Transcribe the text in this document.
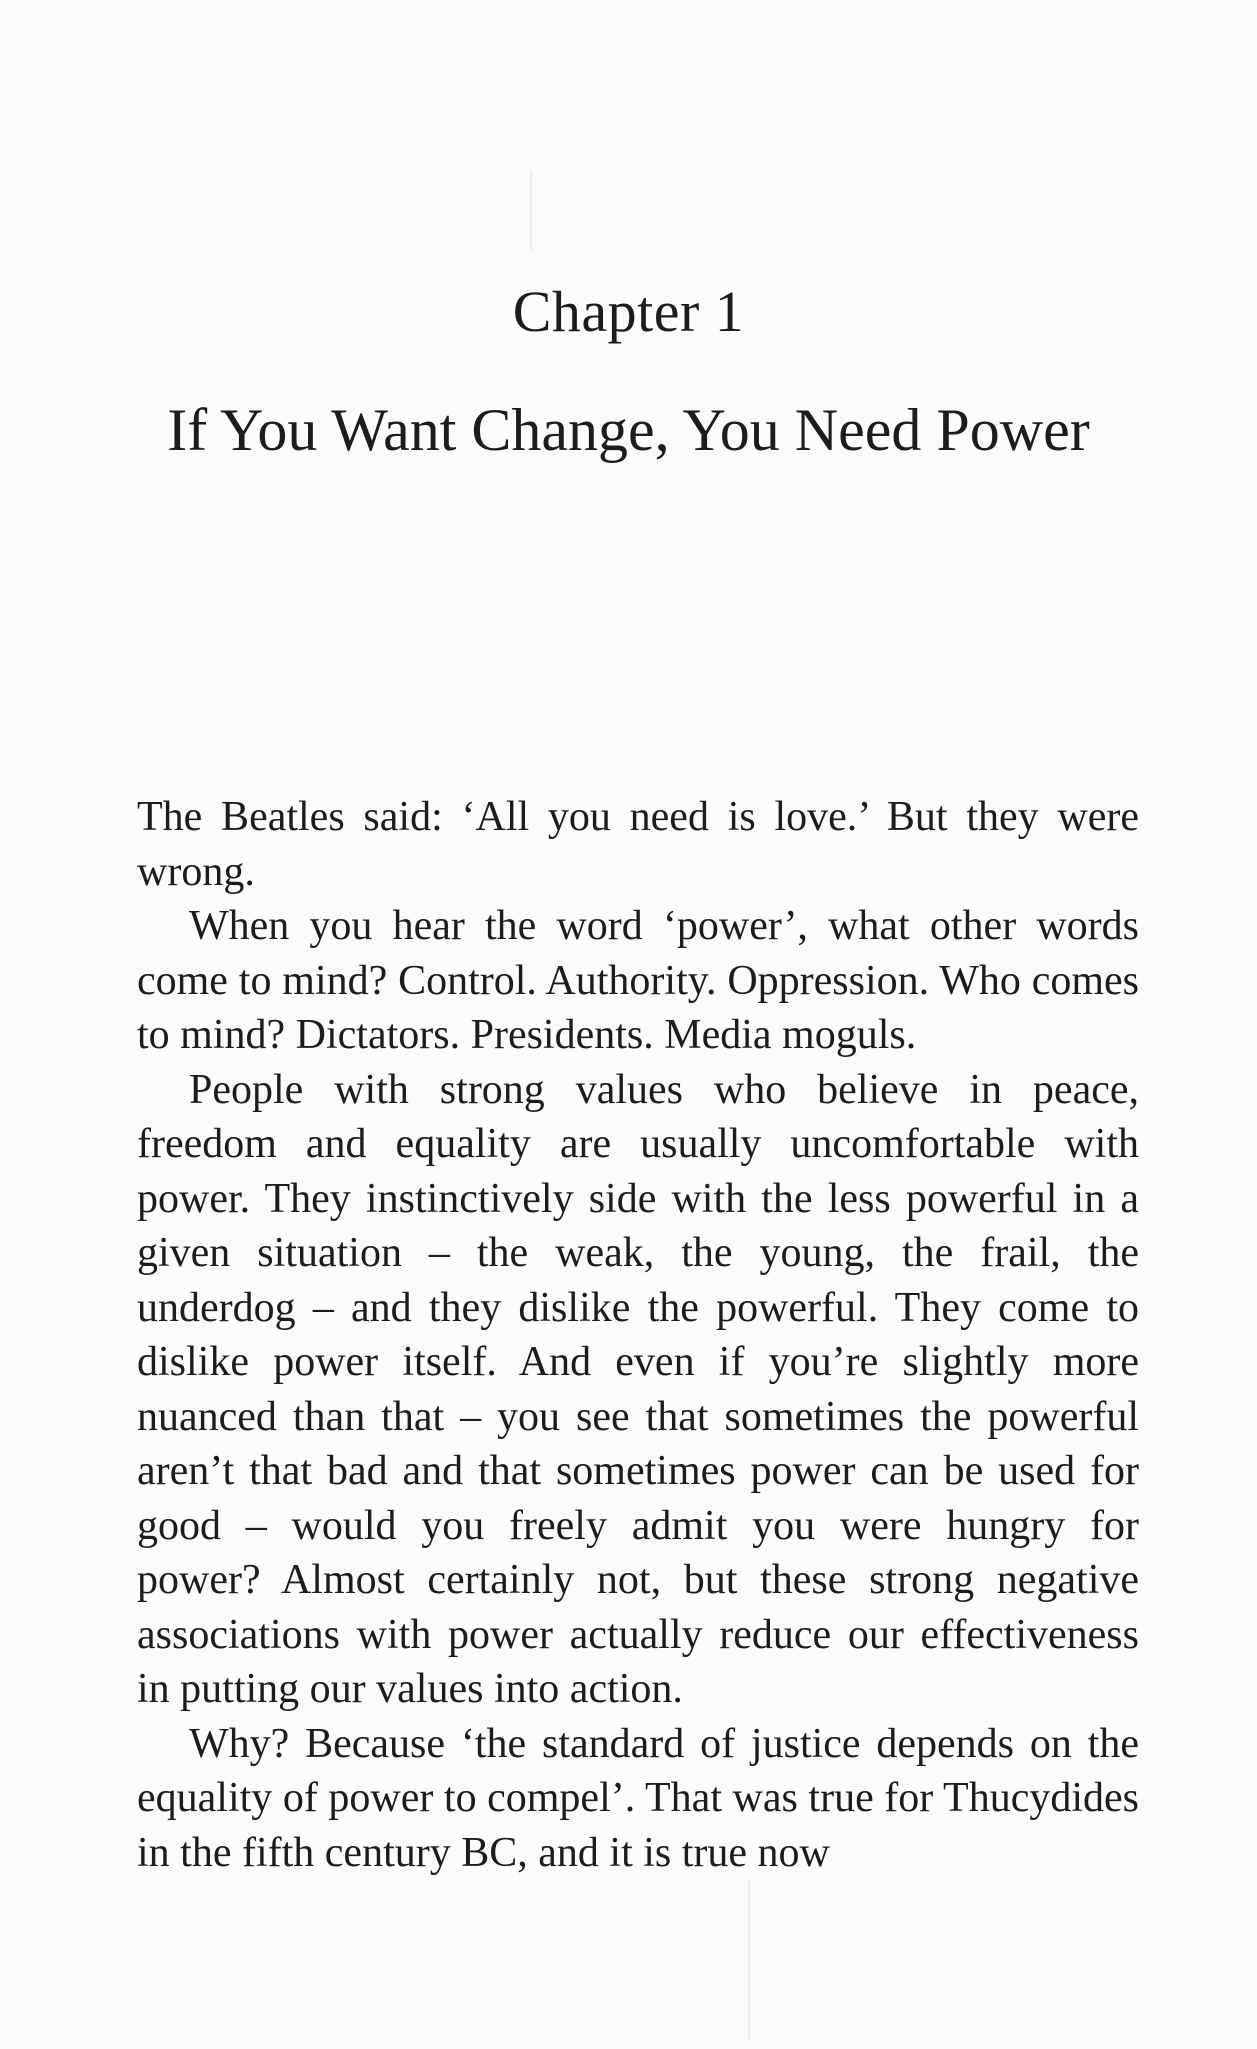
Chapter 1
If You Want Change, You Need Power

The Beatles said: ‘All you need is love.’ But they were wrong.

When you hear the word ‘power’, what other words come to mind? Control. Authority. Oppression. Who comes to mind? Dictators. Presidents. Media moguls.

People with strong values who believe in peace, freedom and equality are usually uncomfortable with power. They instinctively side with the less powerful in a given situation – the weak, the young, the frail, the underdog – and they dislike the powerful. They come to dislike power itself. And even if you’re slightly more nuanced than that – you see that sometimes the powerful aren’t that bad and that sometimes power can be used for good – would you freely admit you were hungry for power? Almost certainly not, but these strong negative associations with power actually reduce our effectiveness in putting our values into action.

Why? Because ‘the standard of justice depends on the equality of power to compel’. That was true for Thucydides in the fifth century BC, and it is true now
